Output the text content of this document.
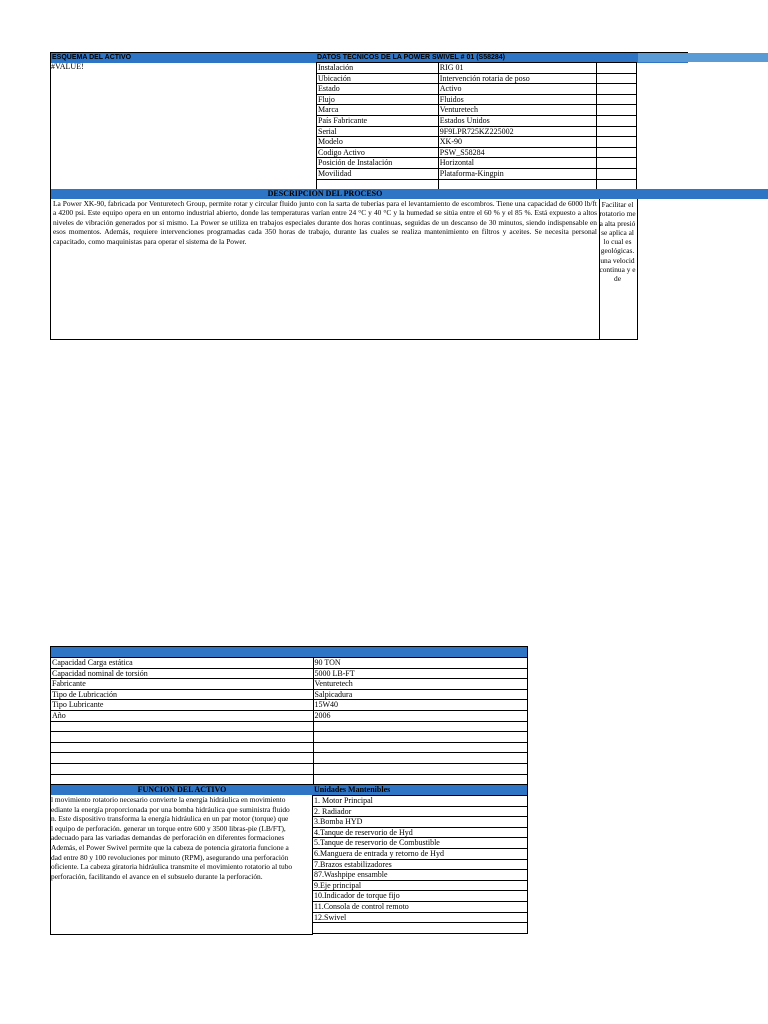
ESQUEMA DEL ACTIVO	DATOS TECNICOS DE LA POWER SWIVEL # 01 (S58284)
#VALUE!	Instalación	RIG 01	
Ubicación	Intervención rotaria de poso	
Estado	Activo	
Flujo	Fluidos	
Marca	Venturetech	
País Fabricante	Estados Unidos	
Serial	9F9LPR725KZ225002	
Modelo	XK-90	
Codigo Activo	PSW_S58284	
Posición de Instalación	Horizontal	
Movilidad	Plataforma-Kingpin	

DESCRIPCION DEL PROCESO
La Power XK-90, fabricada por Venturetech Group, permite rotar y circular fluido junto con la sarta de tuberías para el levantamiento de escombros. Tiene una capacidad de 6000 lb/ft a 4200 psi. Este equipo opera en un entorno industrial abierto, donde las temperaturas varían entre 24 °C y 40 °C y la humedad se sitúa entre el 60 % y el 85 %. Está expuesto a altos niveles de vibración generados por sí mismo. La Power se utiliza en trabajos especiales durante dos horas continuas, seguidas de un descanso de 30 minutos, siendo indispensable en esos momentos. Además, requiere intervenciones programadas cada 350 horas de trabajo, durante las cuales se realiza mantenimiento en filtros y aceites. Se necesita personal capacitado, como maquinistas para operar el sistema de la Power.
Facilitar el
rotatorio me
a alta presió
se aplica al
lo cual es
geológicas.
una velocid
continua y e
de
Capacidad Carga estática	90 TON
Capacidad nominal de torsión	5000 LB-FT
Fabricante	Venturetech
Tipo de Lubricación	Salpicadura
Tipo Lubricante	15W40
Año	2006

FUNCION DEL ACTIVO	Unidades Mantenibles
l movimiento rotatorio necesario convierte la energía hidráulica en movimiento
ediante la energía proporcionada por una bomba hidráulica que suministra fluido
n. Este dispositivo transforma la energía hidráulica en un par motor (torque) que
l equipo de perforación. generar un torque entre 600 y 3500 libras-pie (LB/FT),
adecuado para las variadas demandas de perforación en diferentes formaciones
Además, el Power Swivel permite que la cabeza de potencia giratoria funcione a
dad entre 80 y 100 revoluciones por minuto (RPM), asegurando una perforación
oficiente. La cabeza giratoria hidráulica transmite el movimiento rotatorio al tubo
perforación, facilitando el avance en el subsuelo durante la perforación.
1. Motor Principal
2. Radiador
3.Bomba HYD
4.Tanque de reservorio de Hyd
5.Tanque de reservorio de Combustible
6.Manguera de entrada y retorno de Hyd
7.Brazos estabilizadores
87.Washpipe ensamble
9.Eje principal
10.Indicador de torque fijo
11.Consola de control remoto
12.Swivel
